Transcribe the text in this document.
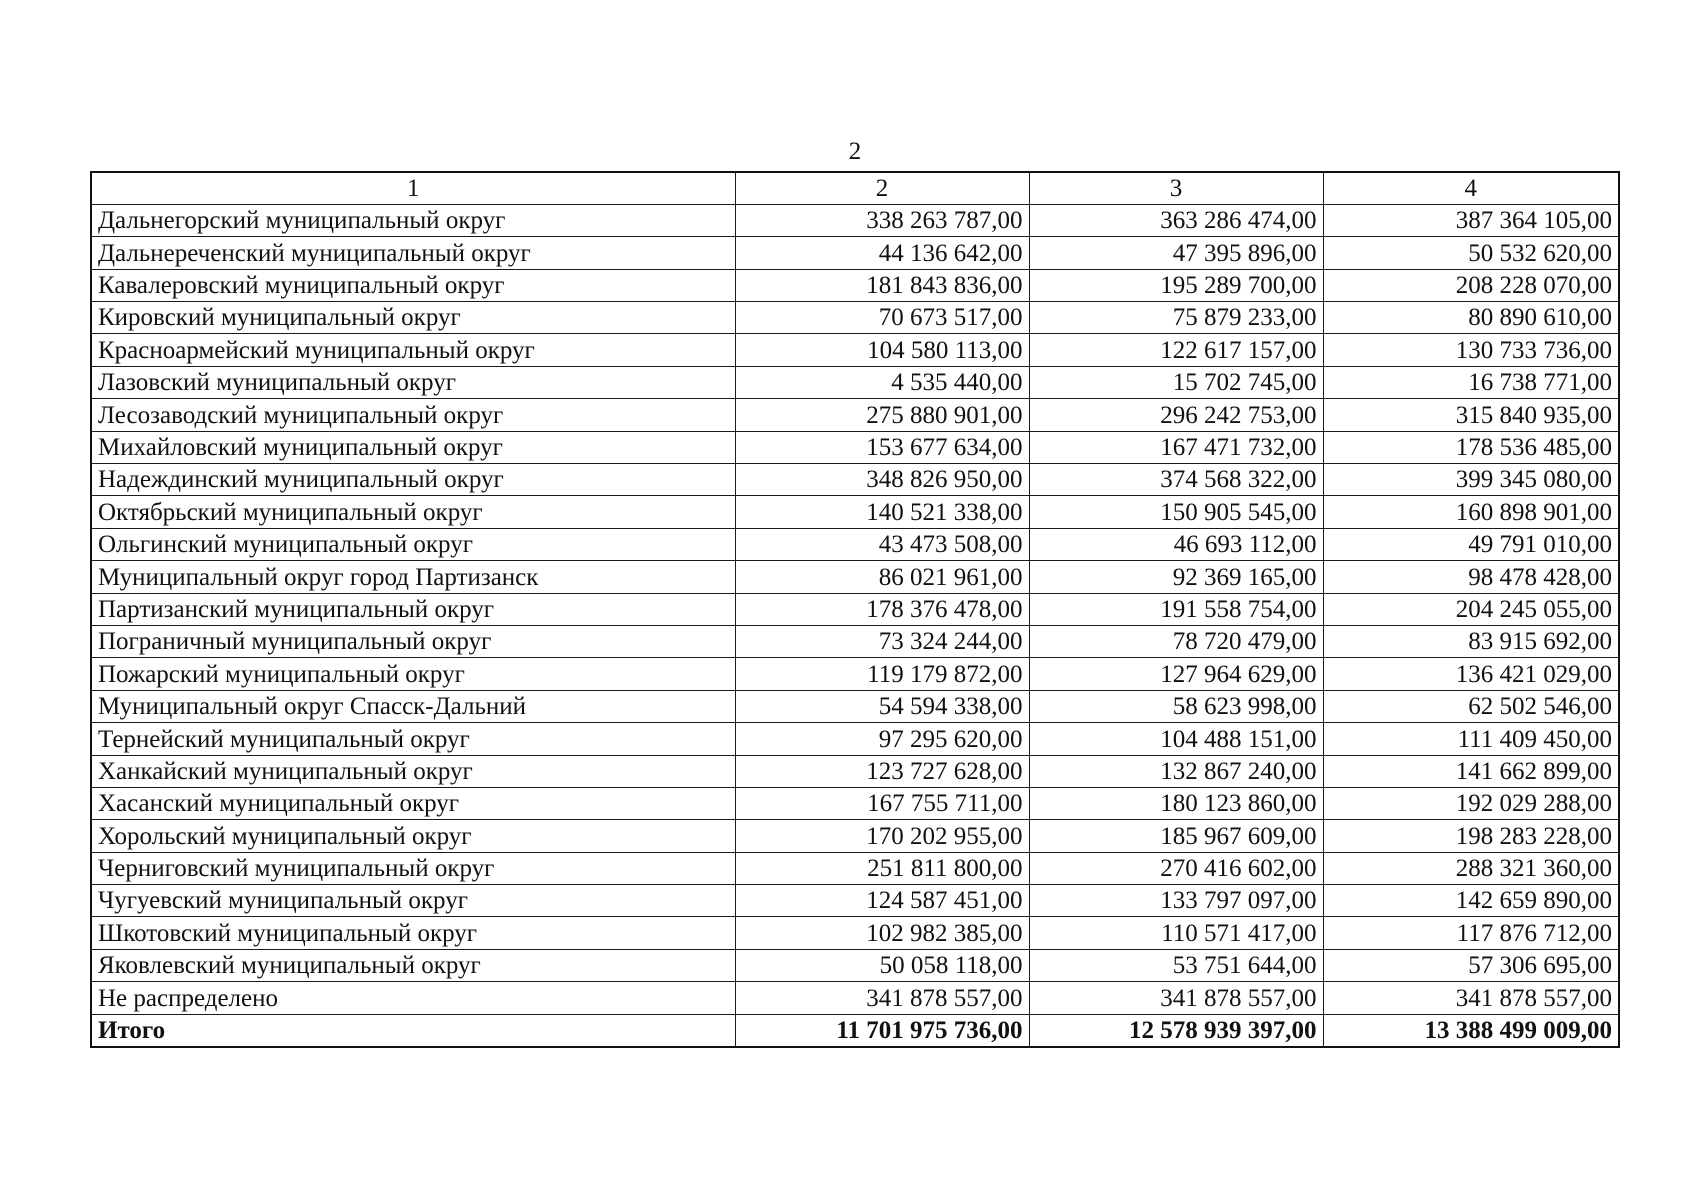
2
1	2	3	4
Дальнегорский муниципальный округ	338 263 787,00	363 286 474,00	387 364 105,00
Дальнереченский муниципальный округ	44 136 642,00	47 395 896,00	50 532 620,00
Кавалеровский муниципальный округ	181 843 836,00	195 289 700,00	208 228 070,00
Кировский муниципальный округ	70 673 517,00	75 879 233,00	80 890 610,00
Красноармейский муниципальный округ	104 580 113,00	122 617 157,00	130 733 736,00
Лазовский муниципальный округ	4 535 440,00	15 702 745,00	16 738 771,00
Лесозаводский муниципальный округ	275 880 901,00	296 242 753,00	315 840 935,00
Михайловский муниципальный округ	153 677 634,00	167 471 732,00	178 536 485,00
Надеждинский муниципальный округ	348 826 950,00	374 568 322,00	399 345 080,00
Октябрьский муниципальный округ	140 521 338,00	150 905 545,00	160 898 901,00
Ольгинский муниципальный округ	43 473 508,00	46 693 112,00	49 791 010,00
Муниципальный округ город Партизанск	86 021 961,00	92 369 165,00	98 478 428,00
Партизанский муниципальный округ	178 376 478,00	191 558 754,00	204 245 055,00
Пограничный муниципальный округ	73 324 244,00	78 720 479,00	83 915 692,00
Пожарский муниципальный округ	119 179 872,00	127 964 629,00	136 421 029,00
Муниципальный округ Спасск-Дальний	54 594 338,00	58 623 998,00	62 502 546,00
Тернейский муниципальный округ	97 295 620,00	104 488 151,00	111 409 450,00
Ханкайский муниципальный округ	123 727 628,00	132 867 240,00	141 662 899,00
Хасанский муниципальный округ	167 755 711,00	180 123 860,00	192 029 288,00
Хорольский муниципальный округ	170 202 955,00	185 967 609,00	198 283 228,00
Черниговский муниципальный округ	251 811 800,00	270 416 602,00	288 321 360,00
Чугуевский муниципальный округ	124 587 451,00	133 797 097,00	142 659 890,00
Шкотовский муниципальный округ	102 982 385,00	110 571 417,00	117 876 712,00
Яковлевский муниципальный округ	50 058 118,00	53 751 644,00	57 306 695,00
Не распределено	341 878 557,00	341 878 557,00	341 878 557,00
Итого	11 701 975 736,00	12 578 939 397,00	13 388 499 009,00
